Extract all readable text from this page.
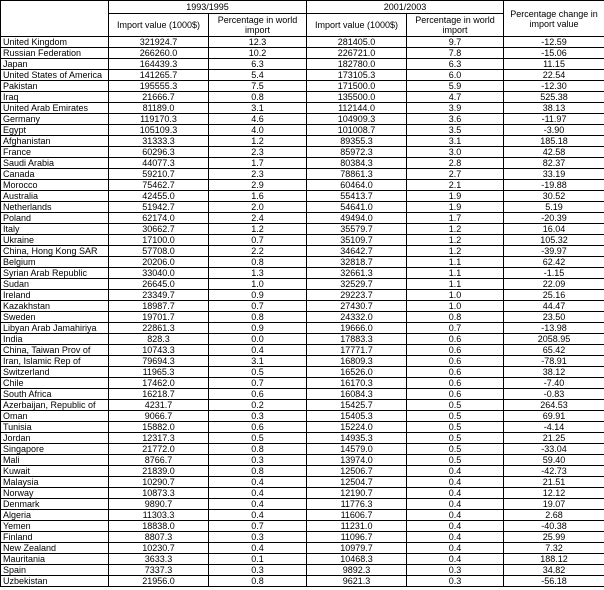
	1993/1995		2001/2003		Percentage change in import value
	Import value (1000$)	Percentage in world import	Import value (1000$)	Percentage in world import	
United Kingdom	321924.7	12.3	281405.0	9.7	-12.59
Russian Federation	266260.0	10.2	226721.0	7.8	-15.06
Japan	164439.3	6.3	182780.0	6.3	11.15
United States of America	141265.7	5.4	173105.3	6.0	22.54
Pakistan	195555.3	7.5	171500.0	5.9	-12.30
Iraq	21666.7	0.8	135500.0	4.7	525.38
United Arab Emirates	81189.0	3.1	112144.0	3.9	38.13
Germany	119170.3	4.6	104909.3	3.6	-11.97
Egypt	105109.3	4.0	101008.7	3.5	-3.90
Afghanistan	31333.3	1.2	89355.3	3.1	185.18
France	60296.3	2.3	85972.3	3.0	42.58
Saudi Arabia	44077.3	1.7	80384.3	2.8	82.37
Canada	59210.7	2.3	78861.3	2.7	33.19
Morocco	75462.7	2.9	60464.0	2.1	-19.88
Australia	42455.0	1.6	55413.7	1.9	30.52
Netherlands	51942.7	2.0	54641.0	1.9	5.19
Poland	62174.0	2.4	49494.0	1.7	-20.39
Italy	30662.7	1.2	35579.7	1.2	16.04
Ukraine	17100.0	0.7	35109.7	1.2	105.32
China, Hong Kong SAR	57708.0	2.2	34642.7	1.2	-39.97
Belgium	20206.0	0.8	32818.7	1.1	62.42
Syrian Arab Republic	33040.0	1.3	32661.3	1.1	-1.15
Sudan	26645.0	1.0	32529.7	1.1	22.09
Ireland	23349.7	0.9	29223.7	1.0	25.16
Kazakhstan	18987.7	0.7	27430.7	1.0	44.47
Sweden	19701.7	0.8	24332.0	0.8	23.50
Libyan Arab Jamahiriya	22861.3	0.9	19666.0	0.7	-13.98
India	828.3	0.0	17883.3	0.6	2058.95
China, Taiwan Prov of	10743.3	0.4	17771.7	0.6	65.42
Iran, Islamic Rep of	79694.3	3.1	16809.3	0.6	-78.91
Switzerland	11965.3	0.5	16526.0	0.6	38.12
Chile	17462.0	0.7	16170.3	0.6	-7.40
South Africa	16218.7	0.6	16084.3	0.6	-0.83
Azerbaijan, Republic of	4231.7	0.2	15425.7	0.5	264.53
Oman	9066.7	0.3	15405.3	0.5	69.91
Tunisia	15882.0	0.6	15224.0	0.5	-4.14
Jordan	12317.3	0.5	14935.3	0.5	21.25
Singapore	21772.0	0.8	14579.0	0.5	-33.04
Mali	8766.7	0.3	13974.0	0.5	59.40
Kuwait	21839.0	0.8	12506.7	0.4	-42.73
Malaysia	10290.7	0.4	12504.7	0.4	21.51
Norway	10873.3	0.4	12190.7	0.4	12.12
Denmark	9890.7	0.4	11776.3	0.4	19.07
Algeria	11303.3	0.4	11606.7	0.4	2.68
Yemen	18838.0	0.7	11231.0	0.4	-40.38
Finland	8807.3	0.3	11096.7	0.4	25.99
New Zealand	10230.7	0.4	10979.7	0.4	7.32
Mauritania	3633.3	0.1	10468.3	0.4	188.12
Spain	7337.3	0.3	9892.3	0.3	34.82
Uzbekistan	21956.0	0.8	9621.3	0.3	-56.18
